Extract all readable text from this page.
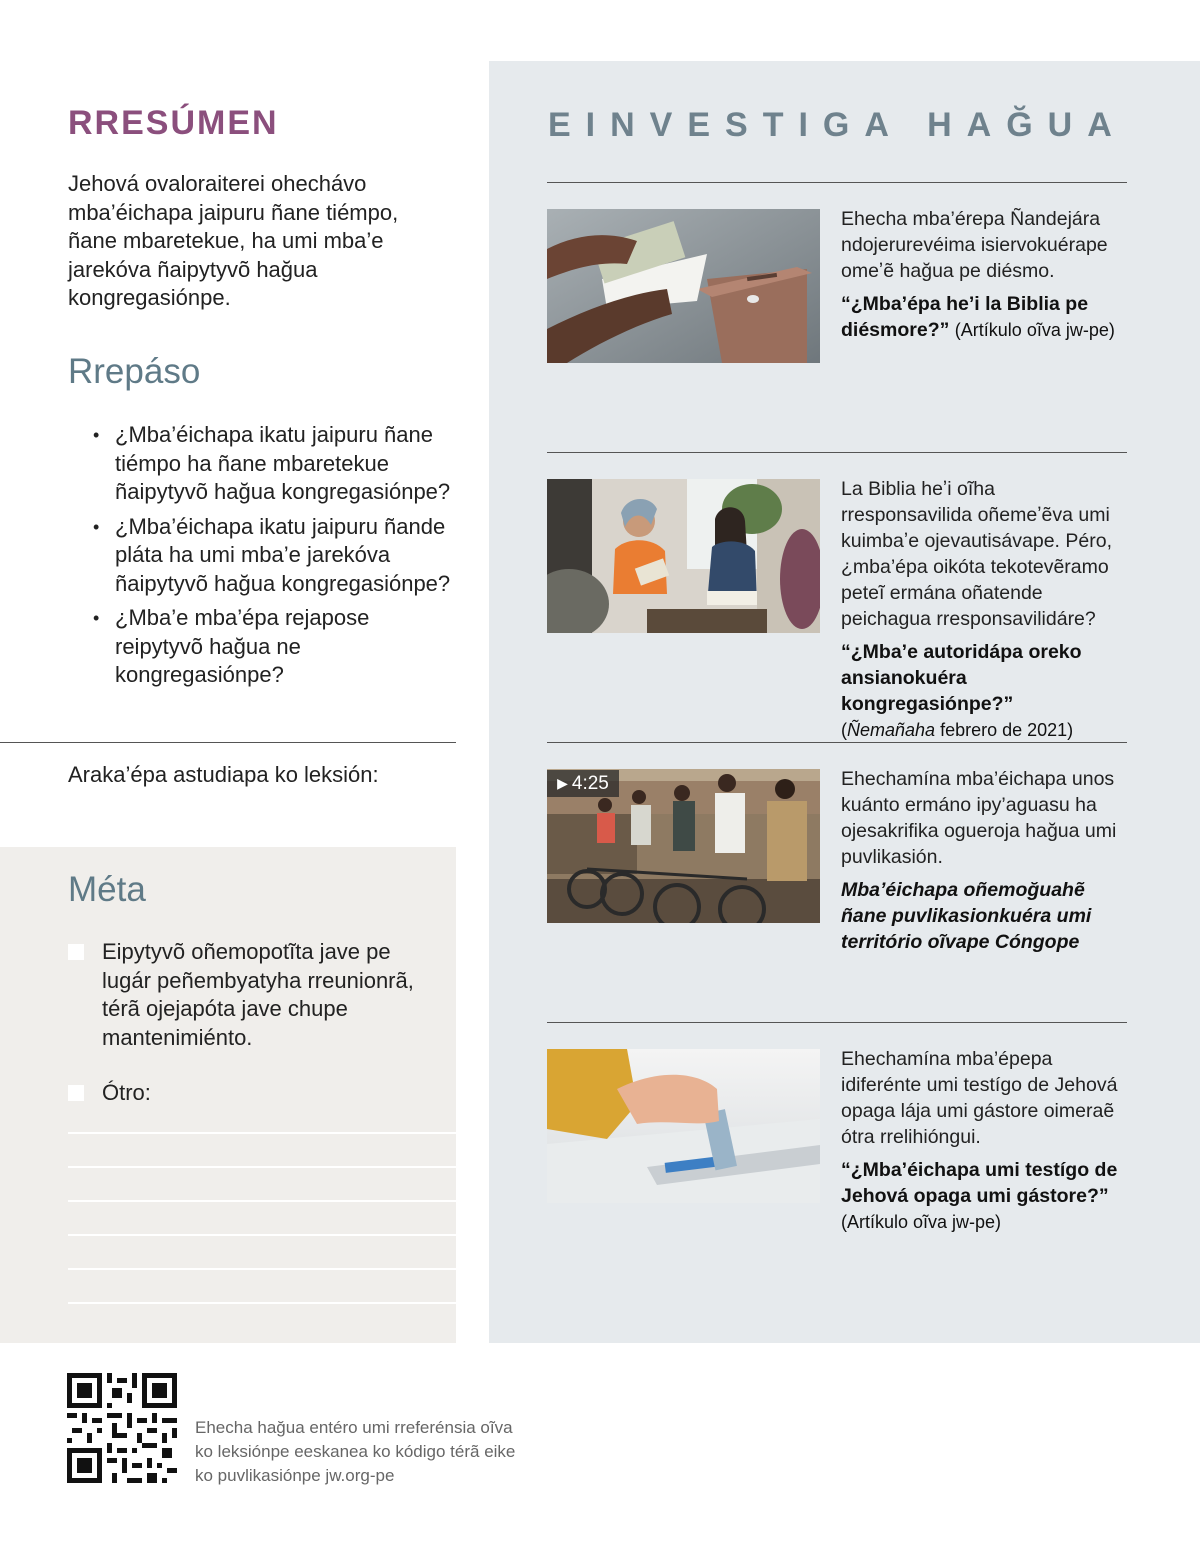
RRESÚMEN

Jehová ovaloraiterei ohechávo mba’éichapa jaipuru ñane tiémpo, ñane mbaretekue, ha umi mba’e jarekóva ñaipytyvõ hağua kongregasiónpe.

Rrepáso
• ¿Mba’éichapa ikatu jaipuru ñane tiémpo ha ñane mbaretekue ñaipytyvõ hağua kongregasiónpe?
• ¿Mba’éichapa ikatu jaipuru ñande pláta ha umi mba’e jarekóva ñaipytyvõ hağua kongregasiónpe?
• ¿Mba’e mba’épa rejapose reipytyvõ hağua ne kongregasiónpe?

Araka’épa astudiapa ko leksión:

Méta
Eipytyvõ oñemopotĩta jave pe lugár peñembyatyha rreunionrã, térã ojejapóta jave chupe mantenimiénto.
Ótro:
EINVESTIGA HAĞUA

Ehecha mba’érepa Ñandejára ndojerurevéima isiervokuérape omeʼẽ hağua pe diésmo.

“¿Mba’épa he’i la Biblia pe diésmore?” (Artíkulo oĩva jw-pe)

La Biblia heʼi oĩha rresponsavilida oñemeʼẽva umi kuimbaʼe ojevautisávape. Péro, ¿mba’épa oikóta tekotevẽramo peteĩ ermána oñatende peichagua rresponsavilidáre?

“¿Mba’e autoridápa oreko ansianokuéra kongregasiónpe?”
(Ñemañaha febrero de 2021)

▶ 4:25	Ehechamína mba’éichapa unos kuánto ermáno ipy’aguasu ha ojesakrifika ogueroja hağua umi puvlikasión.

Mba’éichapa oñemoğuahẽ ñane puvlikasionkuéra umi território oĩvape Cóngope

Ehechamína mba’épepa idiferénte umi testígo de Jehová opaga lája umi gástore oimeraẽ ótra rrelihióngui.

“¿Mba’éichapa umi testígo de Jehová opaga umi gástore?”
(Artíkulo oĩva jw-pe)

Ehecha hağua entéro umi rreferénsia oĩva ko leksiónpe eeskanea ko kódigo térã eike ko puvlikasiónpe jw.org-pe
